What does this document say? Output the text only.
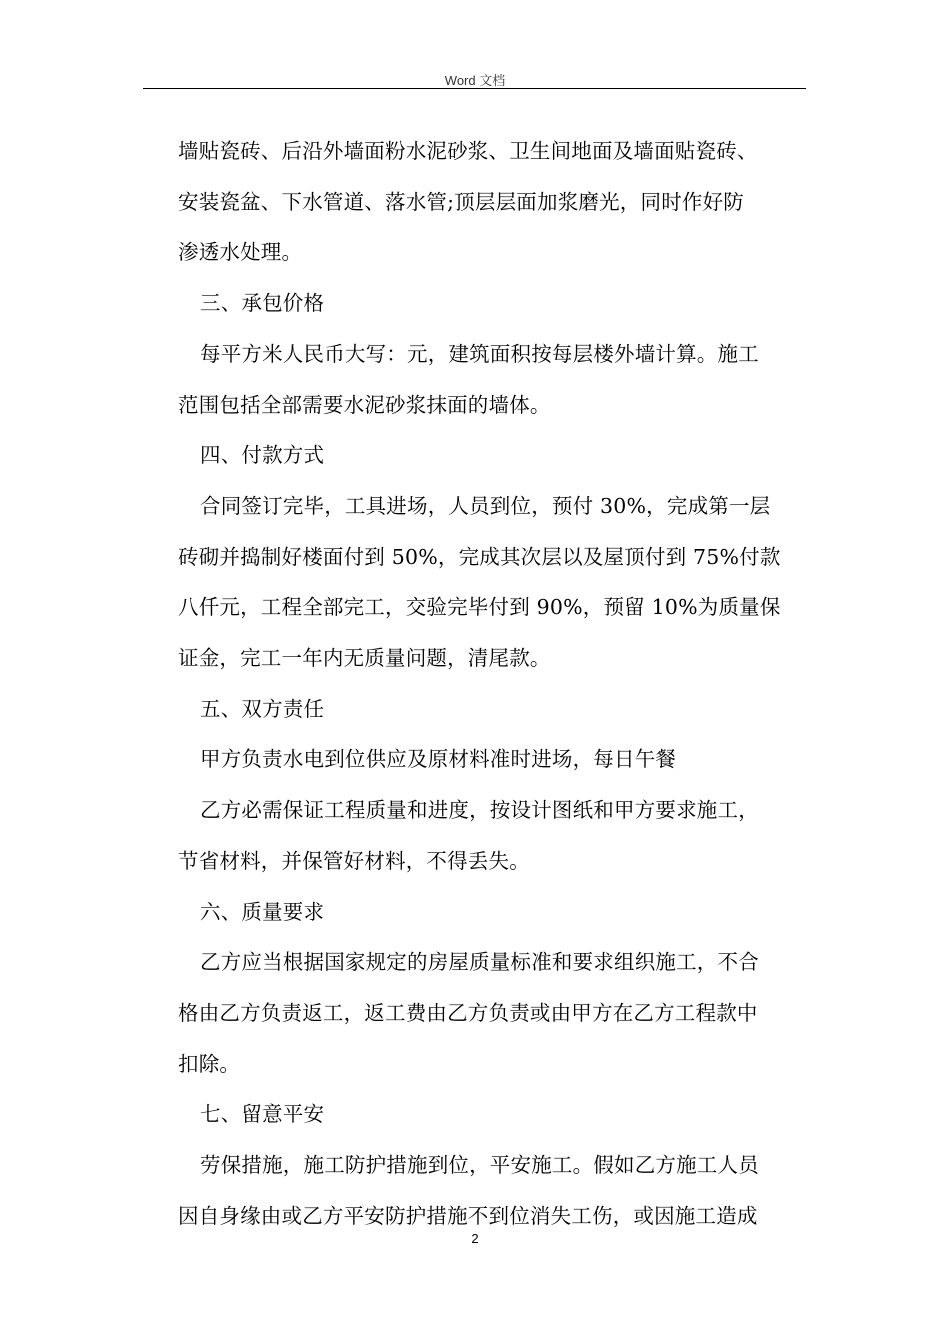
Word 文档

墙贴瓷砖、后沿外墙面粉水泥砂浆、卫生间地面及墙面贴瓷砖、

安装瓷盆、下水管道、落水管;顶层层面加浆磨光，同时作好防

渗透水处理。

三、承包价格

每平方米人民币大写：元，建筑面积按每层楼外墙计算。施工

范围包括全部需要水泥砂浆抹面的墙体。

四、付款方式

合同签订完毕，工具进场，人员到位，预付 30%，完成第一层

砖砌并捣制好楼面付到 50%，完成其次层以及屋顶付到 75%付款

八仟元，工程全部完工，交验完毕付到 90%，预留 10%为质量保

证金，完工一年内无质量问题，清尾款。

五、双方责任

甲方负责水电到位供应及原材料准时进场，每日午餐

乙方必需保证工程质量和进度，按设计图纸和甲方要求施工，

节省材料，并保管好材料，不得丢失。

六、质量要求

乙方应当根据国家规定的房屋质量标准和要求组织施工，不合

格由乙方负责返工，返工费由乙方负责或由甲方在乙方工程款中

扣除。

七、留意平安

劳保措施，施工防护措施到位，平安施工。假如乙方施工人员

因自身缘由或乙方平安防护措施不到位消失工伤，或因施工造成

2
